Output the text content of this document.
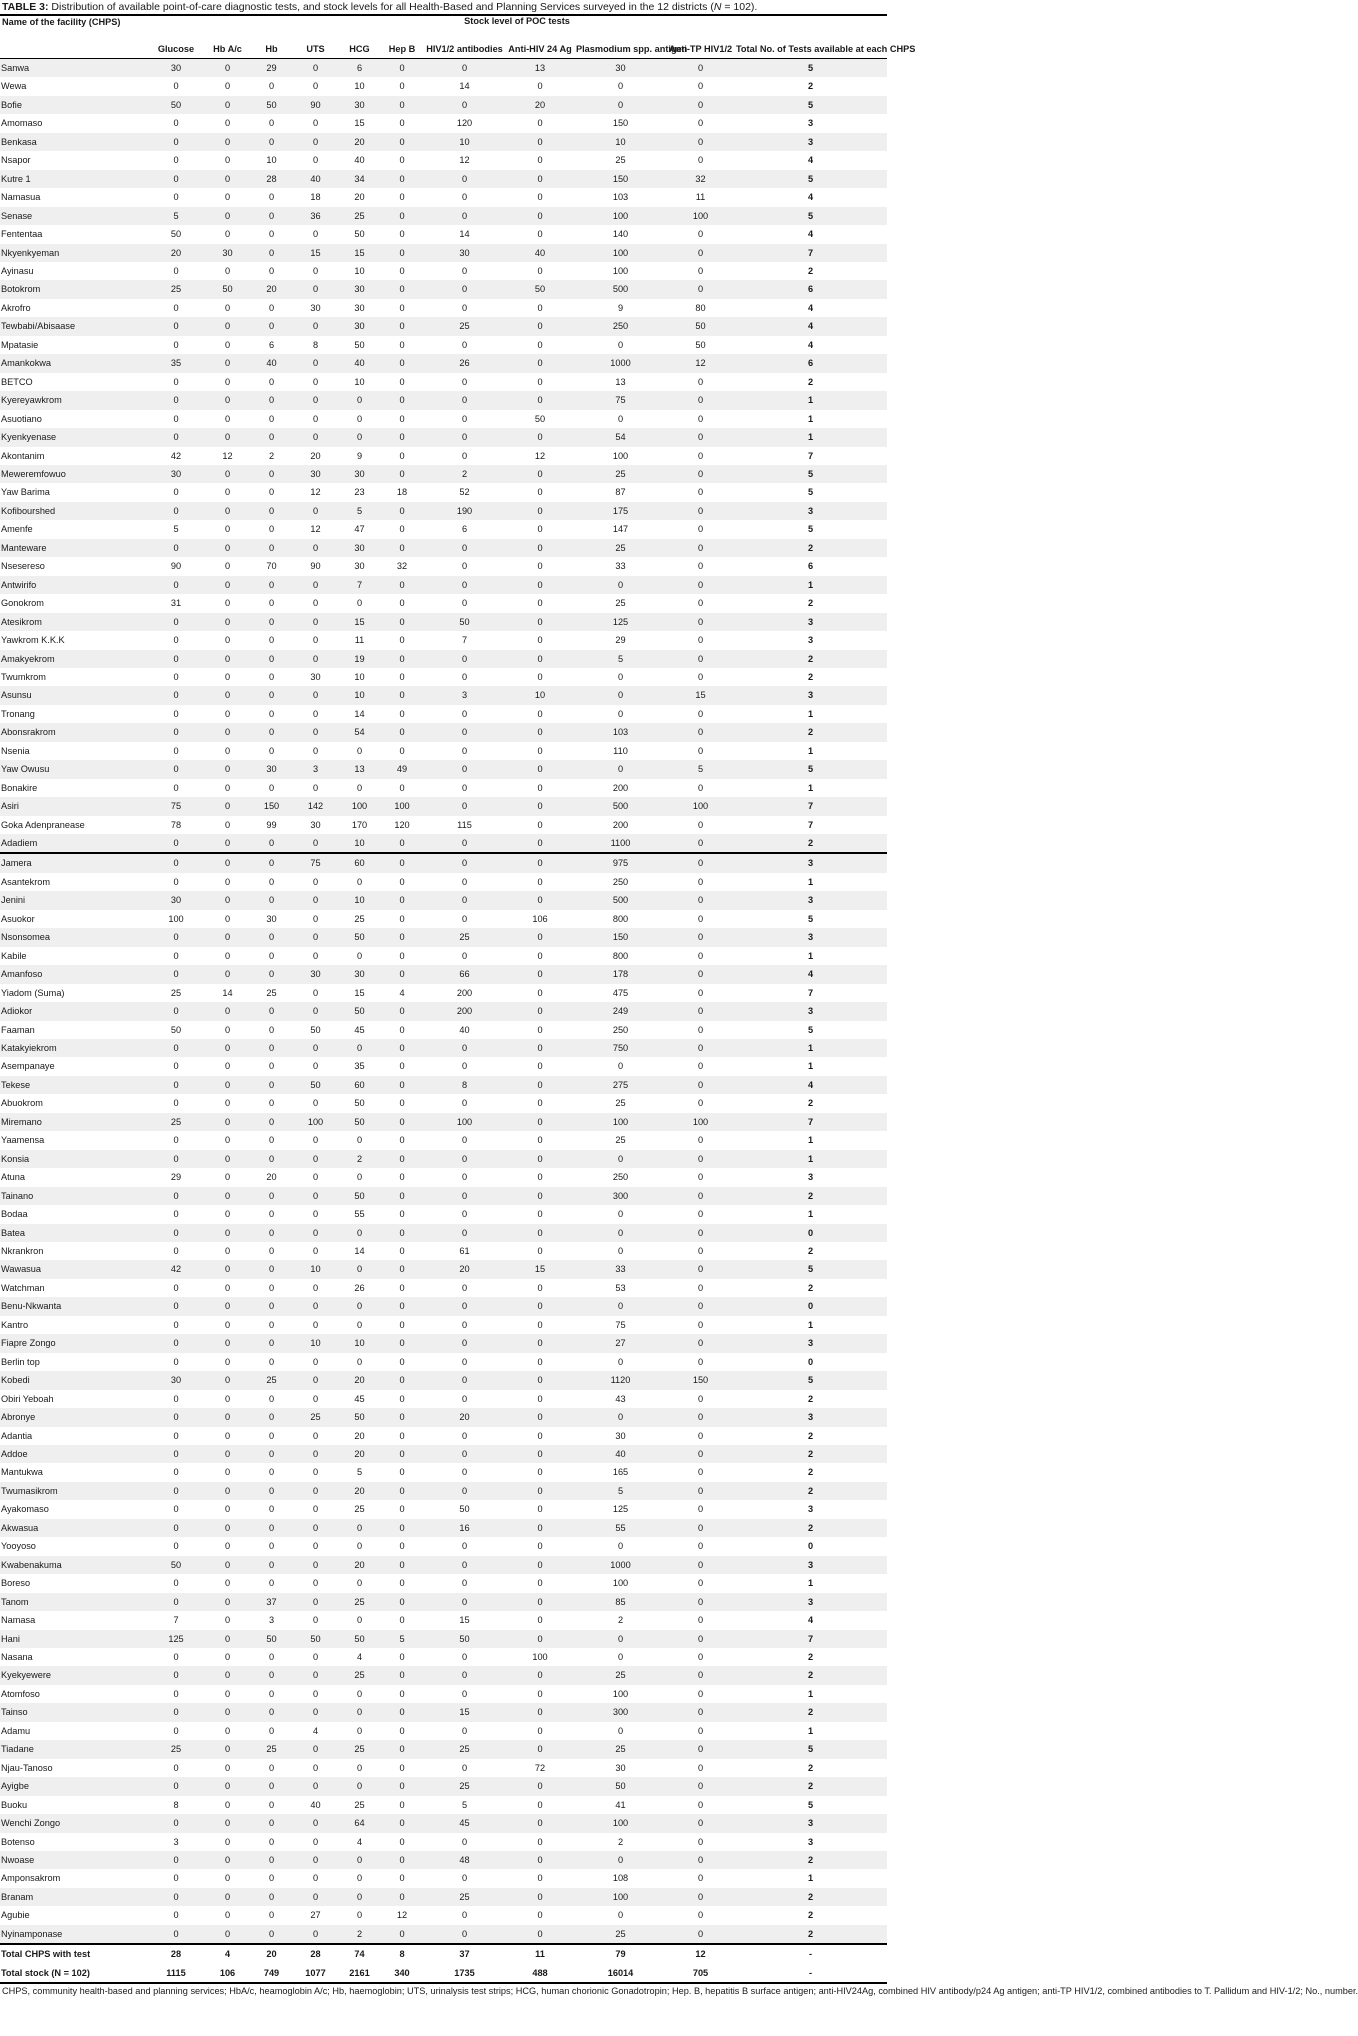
TABLE 3: Distribution of available point-of-care diagnostic tests, and stock levels for all Health-Based and Planning Services surveyed in the 12 districts (N = 102).
Name of the facility (CHPS)	Stock level of POC tests										
	Glucose	Hb A/c	Hb	UTS	HCG	Hep B	HIV1/2 antibodies	Anti-HIV 24 Ag	Plasmodium spp. antigen	Anti-TP HIV1/2	Total No. of Tests available at each CHPS
Sanwa	30	0	29	0	6	0	0	13	30	0	5
Wewa	0	0	0	0	10	0	14	0	0	0	2
Bofie	50	0	50	90	30	0	0	20	0	0	5
Amomaso	0	0	0	0	15	0	120	0	150	0	3
Benkasa	0	0	0	0	20	0	10	0	10	0	3
Nsapor	0	0	10	0	40	0	12	0	25	0	4
Kutre 1	0	0	28	40	34	0	0	0	150	32	5
Namasua	0	0	0	18	20	0	0	0	103	11	4
Senase	5	0	0	36	25	0	0	0	100	100	5
Fententaa	50	0	0	0	50	0	14	0	140	0	4
Nkyenkyeman	20	30	0	15	15	0	30	40	100	0	7
Ayinasu	0	0	0	0	10	0	0	0	100	0	2
Botokrom	25	50	20	0	30	0	0	50	500	0	6
Akrofro	0	0	0	30	30	0	0	0	9	80	4
Tewbabi/Abisaase	0	0	0	0	30	0	25	0	250	50	4
Mpatasie	0	0	6	8	50	0	0	0	0	50	4
Amankokwa	35	0	40	0	40	0	26	0	1000	12	6
BETCO	0	0	0	0	10	0	0	0	13	0	2
Kyereyawkrom	0	0	0	0	0	0	0	0	75	0	1
Asuotiano	0	0	0	0	0	0	0	50	0	0	1
Kyenkyenase	0	0	0	0	0	0	0	0	54	0	1
Akontanim	42	12	2	20	9	0	0	12	100	0	7
Meweremfowuo	30	0	0	30	30	0	2	0	25	0	5
Yaw Barima	0	0	0	12	23	18	52	0	87	0	5
Kofibourshed	0	0	0	0	5	0	190	0	175	0	3
Amenfe	5	0	0	12	47	0	6	0	147	0	5
Manteware	0	0	0	0	30	0	0	0	25	0	2
Nsesereso	90	0	70	90	30	32	0	0	33	0	6
Antwirifo	0	0	0	0	7	0	0	0	0	0	1
Gonokrom	31	0	0	0	0	0	0	0	25	0	2
Atesikrom	0	0	0	0	15	0	50	0	125	0	3
Yawkrom K.K.K	0	0	0	0	11	0	7	0	29	0	3
Amakyekrom	0	0	0	0	19	0	0	0	5	0	2
Twumkrom	0	0	0	30	10	0	0	0	0	0	2
Asunsu	0	0	0	0	10	0	3	10	0	15	3
Tronang	0	0	0	0	14	0	0	0	0	0	1
Abonsrakrom	0	0	0	0	54	0	0	0	103	0	2
Nsenia	0	0	0	0	0	0	0	0	110	0	1
Yaw Owusu	0	0	30	3	13	49	0	0	0	5	5
Bonakire	0	0	0	0	0	0	0	0	200	0	1
Asiri	75	0	150	142	100	100	0	0	500	100	7
Goka Adenpranease	78	0	99	30	170	120	115	0	200	0	7
Adadiem	0	0	0	0	10	0	0	0	1100	0	2
Jamera	0	0	0	75	60	0	0	0	975	0	3
Asantekrom	0	0	0	0	0	0	0	0	250	0	1
Jenini	30	0	0	0	10	0	0	0	500	0	3
Asuokor	100	0	30	0	25	0	0	106	800	0	5
Nsonsomea	0	0	0	0	50	0	25	0	150	0	3
Kabile	0	0	0	0	0	0	0	0	800	0	1
Amanfoso	0	0	0	30	30	0	66	0	178	0	4
Yiadom (Suma)	25	14	25	0	15	4	200	0	475	0	7
Adiokor	0	0	0	0	50	0	200	0	249	0	3
Faaman	50	0	0	50	45	0	40	0	250	0	5
Katakyiekrom	0	0	0	0	0	0	0	0	750	0	1
Asempanaye	0	0	0	0	35	0	0	0	0	0	1
Tekese	0	0	0	50	60	0	8	0	275	0	4
Abuokrom	0	0	0	0	50	0	0	0	25	0	2
Miremano	25	0	0	100	50	0	100	0	100	100	7
Yaamensa	0	0	0	0	0	0	0	0	25	0	1
Konsia	0	0	0	0	2	0	0	0	0	0	1
Atuna	29	0	20	0	0	0	0	0	250	0	3
Tainano	0	0	0	0	50	0	0	0	300	0	2
Bodaa	0	0	0	0	55	0	0	0	0	0	1
Batea	0	0	0	0	0	0	0	0	0	0	0
Nkrankron	0	0	0	0	14	0	61	0	0	0	2
Wawasua	42	0	0	10	0	0	20	15	33	0	5
Watchman	0	0	0	0	26	0	0	0	53	0	2
Benu-Nkwanta	0	0	0	0	0	0	0	0	0	0	0
Kantro	0	0	0	0	0	0	0	0	75	0	1
Fiapre Zongo	0	0	0	10	10	0	0	0	27	0	3
Berlin top	0	0	0	0	0	0	0	0	0	0	0
Kobedi	30	0	25	0	20	0	0	0	1120	150	5
Obiri Yeboah	0	0	0	0	45	0	0	0	43	0	2
Abronye	0	0	0	25	50	0	20	0	0	0	3
Adantia	0	0	0	0	20	0	0	0	30	0	2
Addoe	0	0	0	0	20	0	0	0	40	0	2
Mantukwa	0	0	0	0	5	0	0	0	165	0	2
Twumasikrom	0	0	0	0	20	0	0	0	5	0	2
Ayakomaso	0	0	0	0	25	0	50	0	125	0	3
Akwasua	0	0	0	0	0	0	16	0	55	0	2
Yooyoso	0	0	0	0	0	0	0	0	0	0	0
Kwabenakuma	50	0	0	0	20	0	0	0	1000	0	3
Boreso	0	0	0	0	0	0	0	0	100	0	1
Tanom	0	0	37	0	25	0	0	0	85	0	3
Namasa	7	0	3	0	0	0	15	0	2	0	4
Hani	125	0	50	50	50	5	50	0	0	0	7
Nasana	0	0	0	0	4	0	0	100	0	0	2
Kyekyewere	0	0	0	0	25	0	0	0	25	0	2
Atomfoso	0	0	0	0	0	0	0	0	100	0	1
Tainso	0	0	0	0	0	0	15	0	300	0	2
Adamu	0	0	0	4	0	0	0	0	0	0	1
Tiadane	25	0	25	0	25	0	25	0	25	0	5
Njau-Tanoso	0	0	0	0	0	0	0	72	30	0	2
Ayigbe	0	0	0	0	0	0	25	0	50	0	2
Buoku	8	0	0	40	25	0	5	0	41	0	5
Wenchi Zongo	0	0	0	0	64	0	45	0	100	0	3
Botenso	3	0	0	0	4	0	0	0	2	0	3
Nwoase	0	0	0	0	0	0	48	0	0	0	2
Amponsakrom	0	0	0	0	0	0	0	0	108	0	1
Branam	0	0	0	0	0	0	25	0	100	0	2
Agubie	0	0	0	27	0	12	0	0	0	0	2
Nyinamponase	0	0	0	0	2	0	0	0	25	0	2
Total CHPS with test	28	4	20	28	74	8	37	11	79	12	-
Total stock (N = 102)	1115	106	749	1077	2161	340	1735	488	16014	705	-
CHPS, community health-based and planning services; HbA/c, heamoglobin A/c; Hb, haemoglobin; UTS, urinalysis test strips; HCG, human chorionic Gonadotropin; Hep. B, hepatitis B surface antigen; anti-HIV24Ag, combined HIV antibody/p24 Ag antigen; anti-TP HIV1/2, combined antibodies to T. Pallidum and HIV-1/2; No., number.
